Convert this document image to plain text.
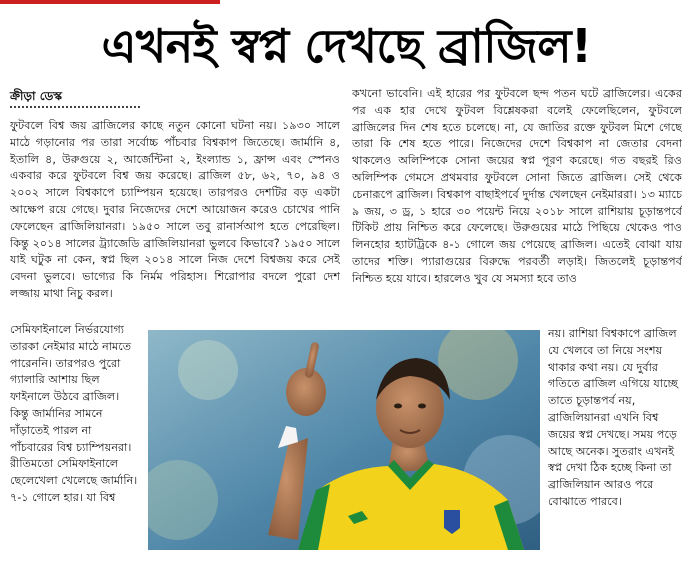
এখনই স্বপ্ন দেখছে ব্রাজিল!
ক্রীড়া ডেস্ক
ফুটবলে বিশ্ব জয় ব্রাজিলের কাছে নতুন কোনো ঘটনা নয়। ১৯৩০ সালে মাঠে গড়ানোর পর তারা সর্বোচ্চ পাঁচবার বিশ্বকাপ জিতেছে। জার্মানি ৪, ইতালি ৪, উরুগুয়ে ২, আর্জেন্টিনা ২, ইংল্যান্ড ১, ফ্রান্স এবং স্পেনও একবার করে ফুটবলে বিশ্ব জয় করেছে। ব্রাজিল ৫৮, ৬২, ৭০, ৯৪ ও ২০০২ সালে বিশ্বকাপে চ্যাম্পিয়ন হয়েছে। তারপরও দেশটির বড় একটা আক্ষেপ রয়ে গেছে। দুবার নিজেদের দেশে আয়োজন করেও চোখের পানি ফেলেছেন ব্রাজিলিয়ানরা। ১৯৫০ সালে তবু রানার্সআপ হতে পেরেছিল। কিন্তু ২০১৪ সালের ট্র্যাজেডি ব্রাজিলিয়ানরা ভুলবে কিভাবে? ১৯৫০ সালে যাই ঘটুক না কেন, স্বপ্ন ছিল ২০১৪ সালে নিজ দেশে বিশ্বজয় করে সেই বেদনা ভুলবে। ভাগ্যের কি নির্মম পরিহাস। শিরোপার বদলে পুরো দেশ লজ্জায় মাথা নিচু করল।
কখনো ভাবেনি। এই হারের পর ফুটবলে ছন্দ পতন ঘটে ব্রাজিলের। একের পর এক হার দেখে ফুটবল বিশ্লেষকরা বলেই ফেলেছিলেন, ফুটবলে ব্রাজিলের দিন শেষ হতে চলেছে। না, যে জাতির রক্তে ফুটবল মিশে গেছে তারা কি শেষ হতে পারে। নিজেদের দেশে বিশ্বকাপ না জেতার বেদনা থাকলেও অলিম্পিকে সোনা জয়ের স্বপ্ন পূরণ করেছে। গত বছরই রিও অলিম্পিক গেমসে প্রথমবার ফুটবলে সোনা জিতে ব্রাজিল। সেই থেকে চেনারূপে ব্রাজিল। বিশ্বকাপ বাছাইপর্বে দুর্দান্ত খেলছেন নেইমাররা। ১৩ ম্যাচে ৯ জয়, ৩ ড্র, ১ হারে ৩০ পয়েন্ট নিয়ে ২০১৮ সালে রাশিয়ায় চূড়ান্তপর্বে টিকিট প্রায় নিশ্চিত করে ফেলেছে। উরুগুয়ের মাঠে পিছিয়ে থেকেও পাও লিনহোর হ্যাটট্রিকে ৪-১ গোলে জয় পেয়েছে ব্রাজিল। এতেই বোঝা যায় তাদের শক্তি। প্যারাগুয়ের বিরুদ্ধে পরবর্তী লড়াই। জিতলেই চূড়ান্তপর্ব নিশ্চিত হয়ে যাবে। হারলেও খুব যে সমস্যা হবে তাও
সেমিফাইনালে নির্ভরযোগ্য তারকা নেইমার মাঠে নামতে পারেননি। তারপরও পুরো গ্যালারি আশায় ছিল ফাইনালে উঠবে ব্রাজিল। কিন্তু জার্মানির সামনে দাঁড়াতেই পারল না পাঁচবারের বিশ্ব চ্যাম্পিয়নরা। রীতিমতো সেমিফাইনালে ছেলেখেলা খেলেছে জার্মানি। ৭-১ গোলে হার। যা বিশ্ব
নয়। রাশিয়া বিশ্বকাপে ব্রাজিল যে খেলবে তা নিয়ে সংশয় থাকার কথা নয়। যে দুর্বার গতিতে ব্রাজিল এগিয়ে যাচ্ছে তাতে চূড়ান্তপর্ব নয়, ব্রাজিলিয়ানরা এখনি বিশ্ব জয়ের স্বপ্ন দেখছে। সময় পড়ে আছে অনেক। সুতরাং এখনই স্বপ্ন দেখা ঠিক হচ্ছে কিনা তা ব্রাজিলিয়ান আরও পরে বোঝাতে পারবে।
